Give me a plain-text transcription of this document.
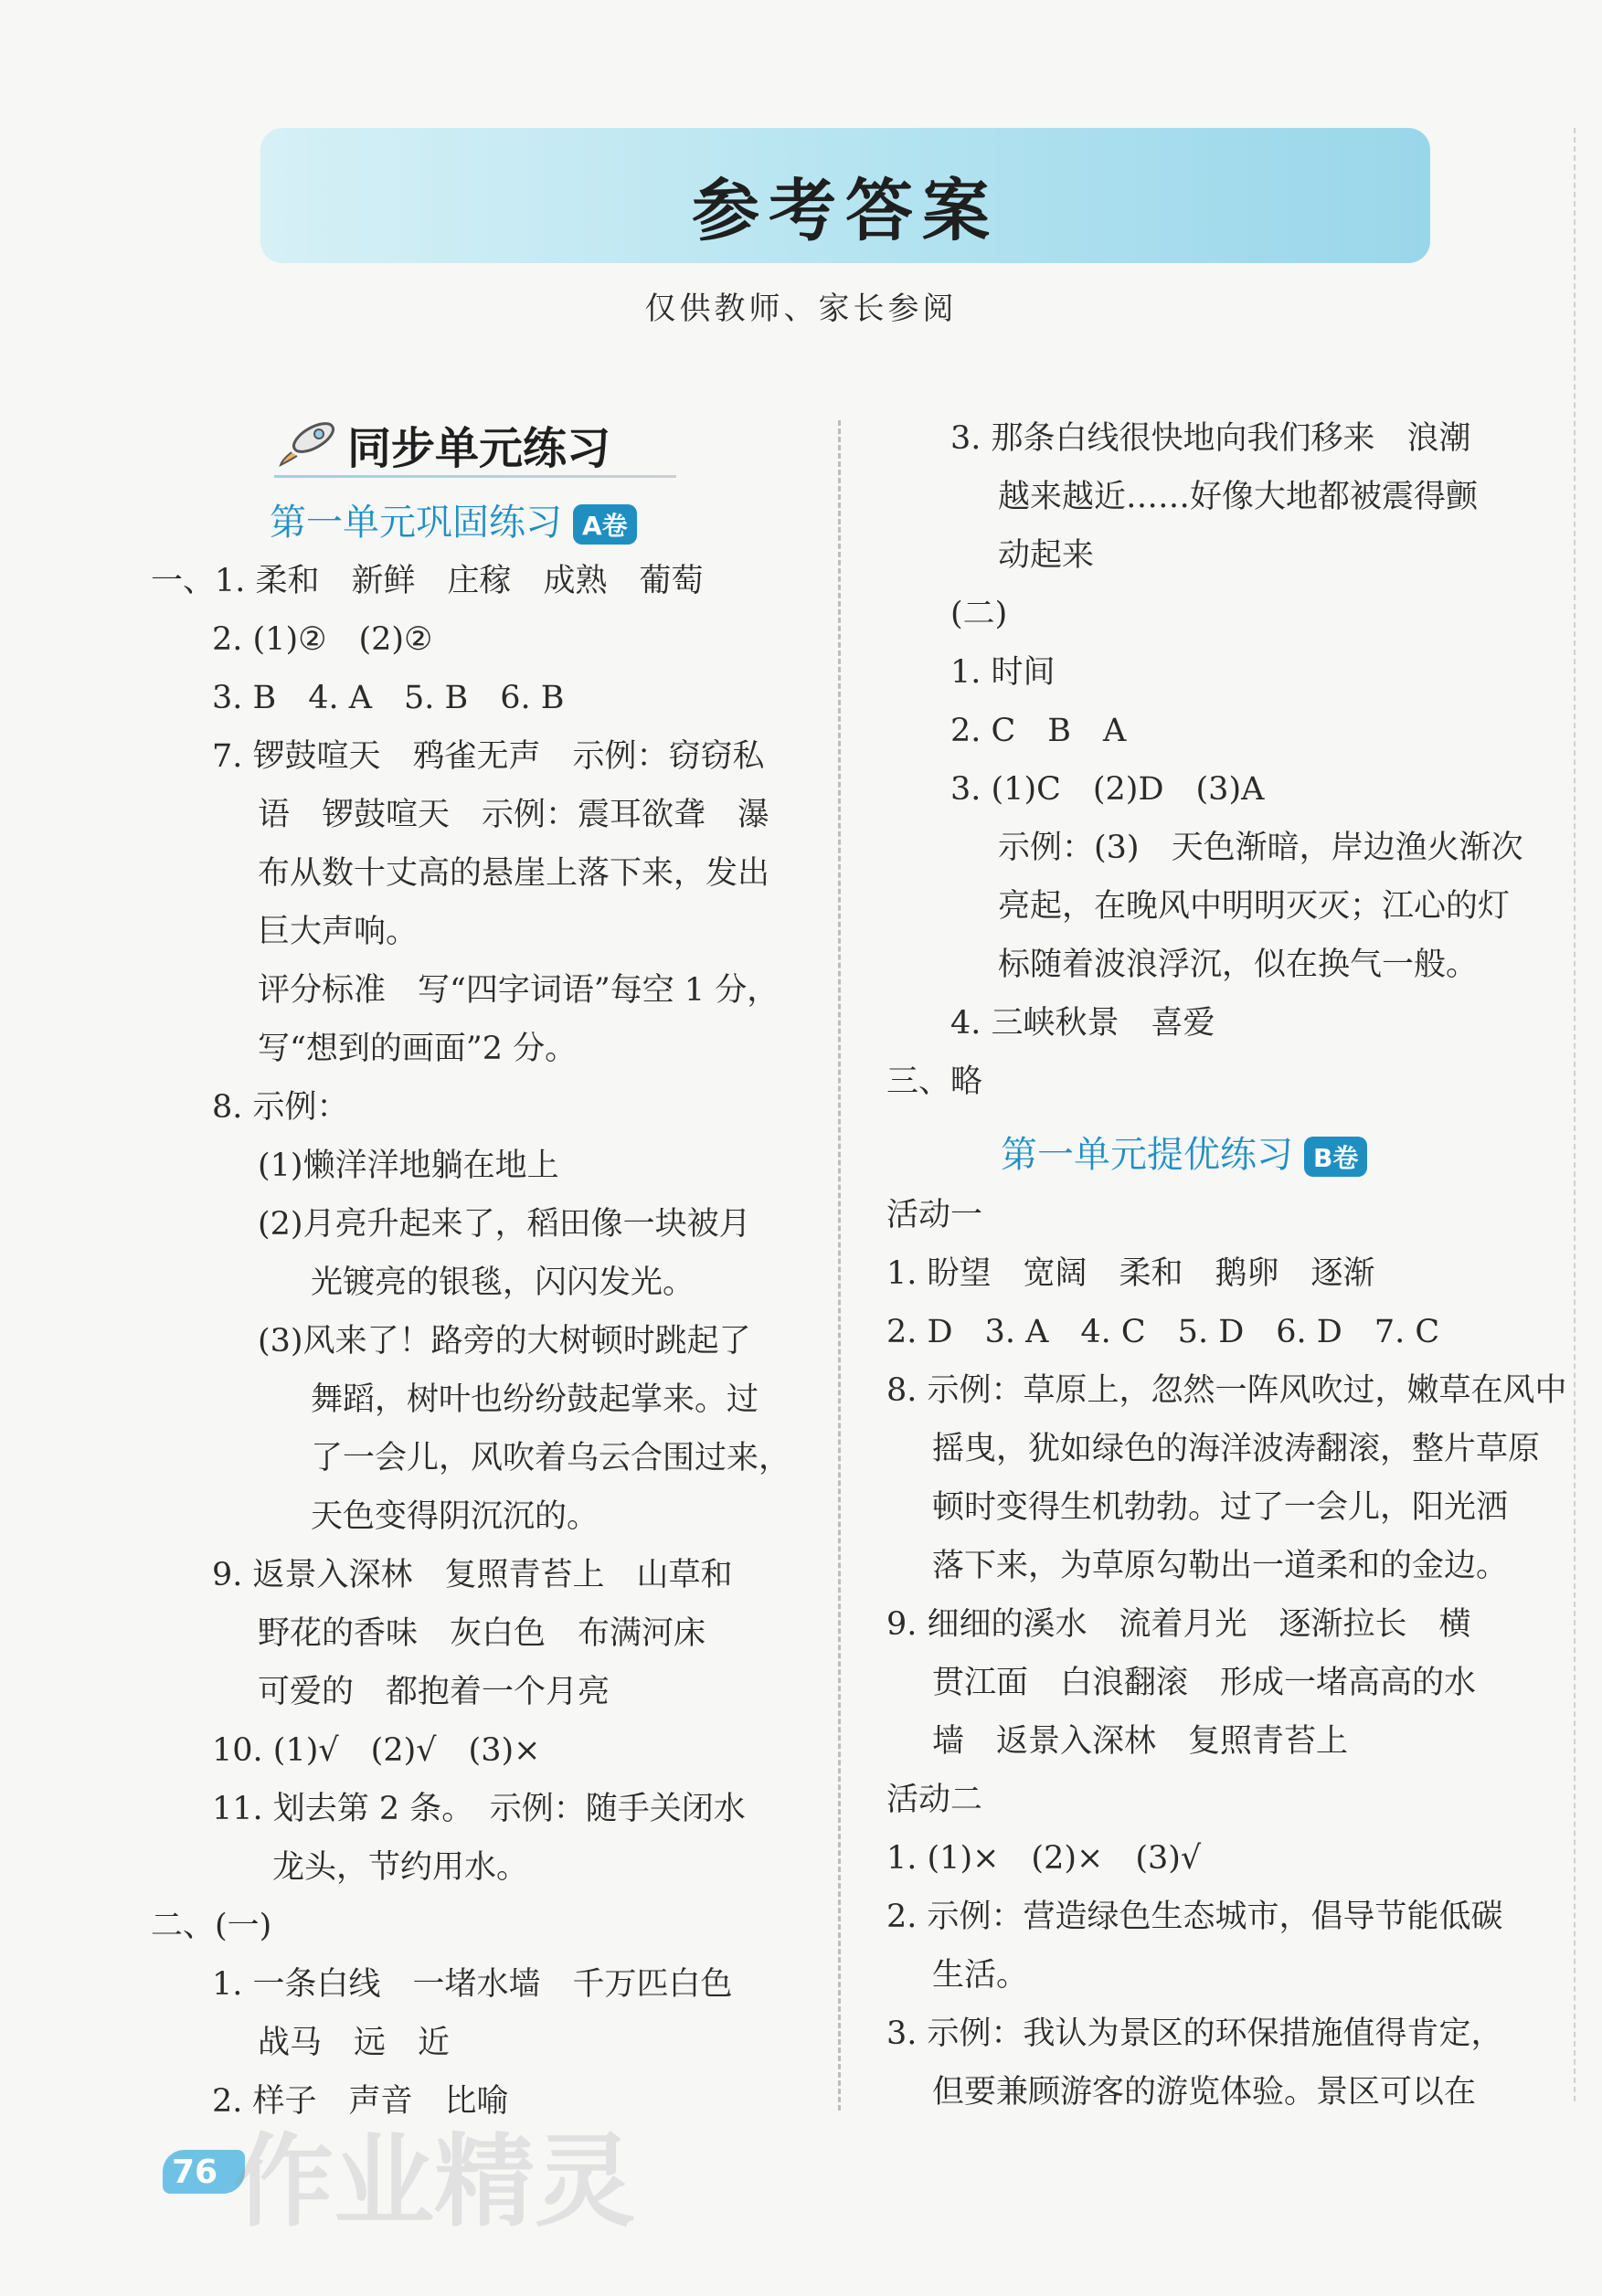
参考答案
仅供教师、家长参阅
同步单元练习
第一单元巩固练习 A卷
一、1. 柔和　新鲜　庄稼　成熟　葡萄
2. (1)②　(2)②
3. B　4. A　5. B　6. B
7. 锣鼓喧天　鸦雀无声　示例：窃窃私
语　锣鼓喧天　示例：震耳欲聋　瀑
布从数十丈高的悬崖上落下来，发出
巨大声响。
评分标准　写“四字词语”每空 1 分，
写“想到的画面”2 分。
8. 示例：
(1)懒洋洋地躺在地上
(2)月亮升起来了，稻田像一块被月
光镀亮的银毯，闪闪发光。
(3)风来了！路旁的大树顿时跳起了
舞蹈，树叶也纷纷鼓起掌来。过
了一会儿，风吹着乌云合围过来，
天色变得阴沉沉的。
9. 返景入深林　复照青苔上　山草和
野花的香味　灰白色　布满河床
可爱的　都抱着一个月亮
10. (1)√　(2)√　(3)×
11. 划去第 2 条。　示例：随手关闭水
龙头，节约用水。
二、(一)
1. 一条白线　一堵水墙　千万匹白色
战马　远　近
2. 样子　声音　比喻
3. 那条白线很快地向我们移来　浪潮
越来越近……好像大地都被震得颤
动起来
(二)
1. 时间
2. C　B　A
3. (1)C　(2)D　(3)A
示例：(3)　天色渐暗，岸边渔火渐次
亮起，在晚风中明明灭灭；江心的灯
标随着波浪浮沉，似在换气一般。
4. 三峡秋景　喜爱
三、略
第一单元提优练习 B卷
活动一
1. 盼望　宽阔　柔和　鹅卵　逐渐
2. D　3. A　4. C　5. D　6. D　7. C
8. 示例：草原上，忽然一阵风吹过，嫩草在风中
摇曳，犹如绿色的海洋波涛翻滚，整片草原
顿时变得生机勃勃。过了一会儿，阳光洒
落下来，为草原勾勒出一道柔和的金边。
9. 细细的溪水　流着月光　逐渐拉长　横
贯江面　白浪翻滚　形成一堵高高的水
墙　返景入深林　复照青苔上
活动二
1. (1)×　(2)×　(3)√
2. 示例：营造绿色生态城市，倡导节能低碳
生活。
3. 示例：我认为景区的环保措施值得肯定，
但要兼顾游客的游览体验。景区可以在
76 作业精灵
